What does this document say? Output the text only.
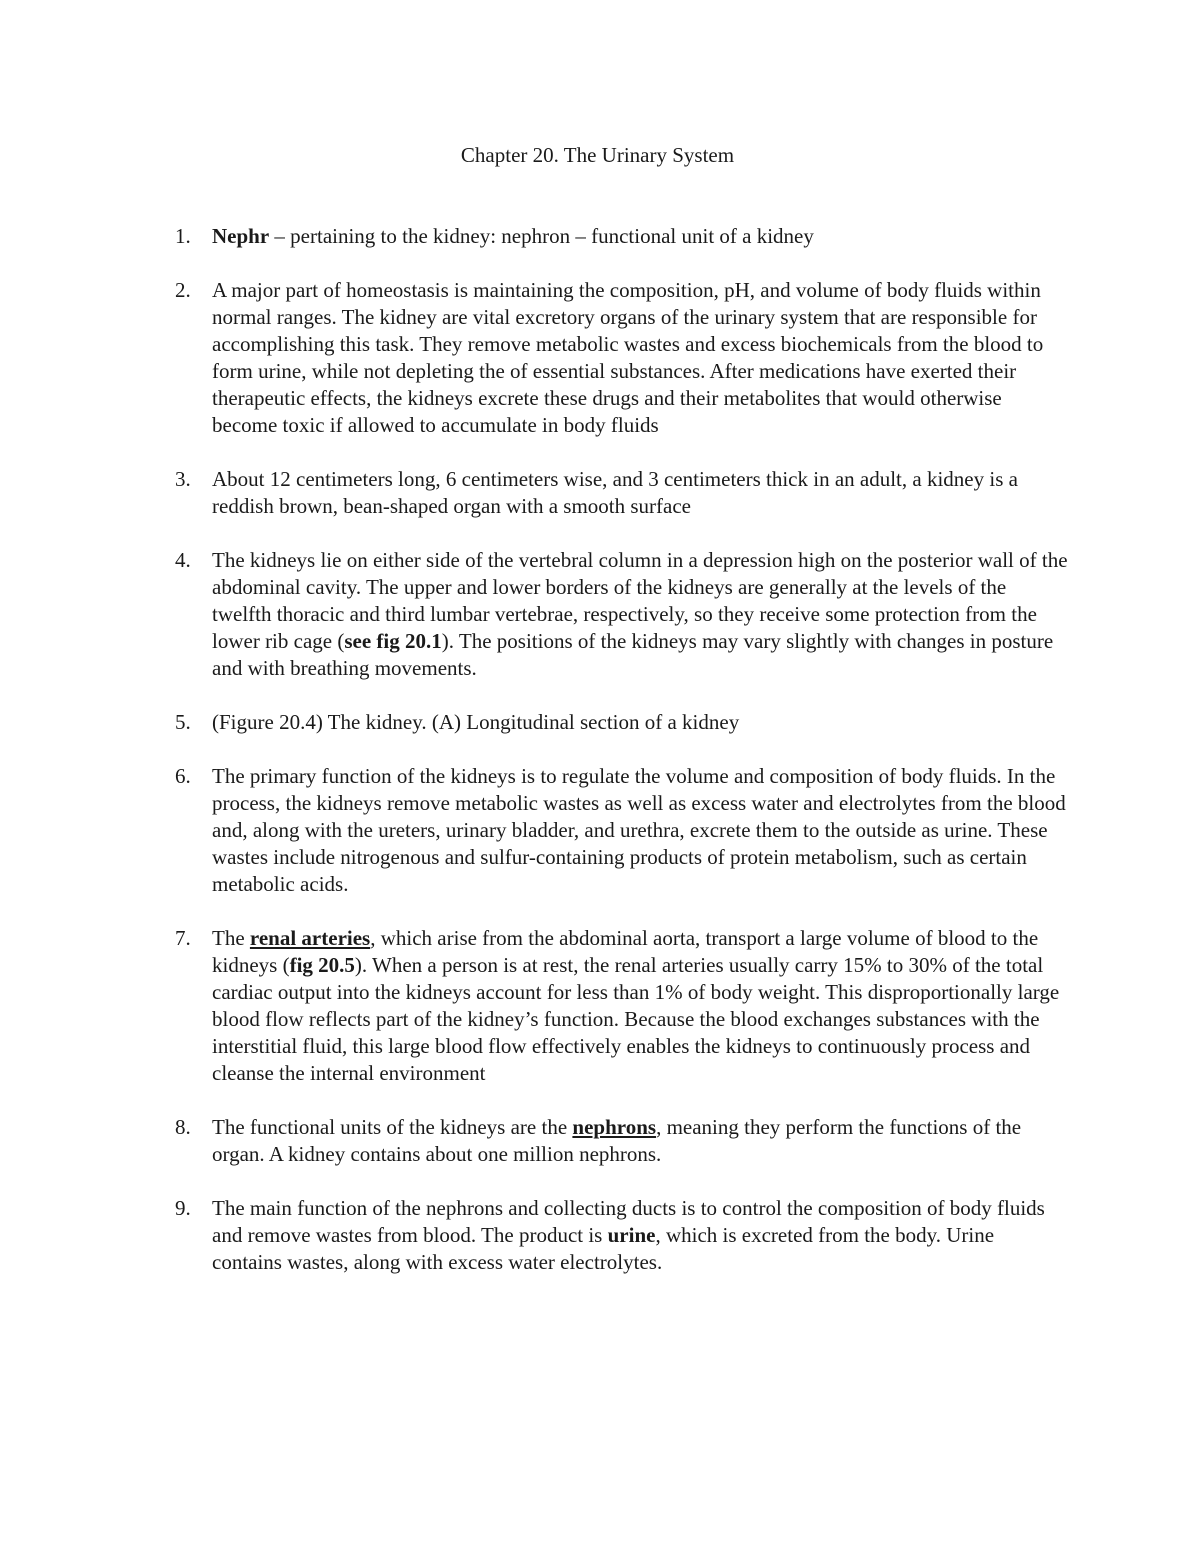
Chapter 20. The Urinary System
1. Nephr – pertaining to the kidney: nephron – functional unit of a kidney
2. A major part of homeostasis is maintaining the composition, pH, and volume of body fluids within normal ranges. The kidney are vital excretory organs of the urinary system that are responsible for accomplishing this task. They remove metabolic wastes and excess biochemicals from the blood to form urine, while not depleting the of essential substances. After medications have exerted their therapeutic effects, the kidneys excrete these drugs and their metabolites that would otherwise become toxic if allowed to accumulate in body fluids
3. About 12 centimeters long, 6 centimeters wise, and 3 centimeters thick in an adult, a kidney is a reddish brown, bean-shaped organ with a smooth surface
4. The kidneys lie on either side of the vertebral column in a depression high on the posterior wall of the abdominal cavity. The upper and lower borders of the kidneys are generally at the levels of the twelfth thoracic and third lumbar vertebrae, respectively, so they receive some protection from the lower rib cage (see fig 20.1). The positions of the kidneys may vary slightly with changes in posture and with breathing movements.
5. (Figure 20.4) The kidney. (A) Longitudinal section of a kidney
6. The primary function of the kidneys is to regulate the volume and composition of body fluids. In the process, the kidneys remove metabolic wastes as well as excess water and electrolytes from the blood and, along with the ureters, urinary bladder, and urethra, excrete them to the outside as urine. These wastes include nitrogenous and sulfur-containing products of protein metabolism, such as certain metabolic acids.
7. The renal arteries, which arise from the abdominal aorta, transport a large volume of blood to the kidneys (fig 20.5). When a person is at rest, the renal arteries usually carry 15% to 30% of the total cardiac output into the kidneys account for less than 1% of body weight. This disproportionally large blood flow reflects part of the kidney’s function. Because the blood exchanges substances with the interstitial fluid, this large blood flow effectively enables the kidneys to continuously process and cleanse the internal environment
8. The functional units of the kidneys are the nephrons, meaning they perform the functions of the organ. A kidney contains about one million nephrons.
9. The main function of the nephrons and collecting ducts is to control the composition of body fluids and remove wastes from blood. The product is urine, which is excreted from the body. Urine contains wastes, along with excess water electrolytes.
